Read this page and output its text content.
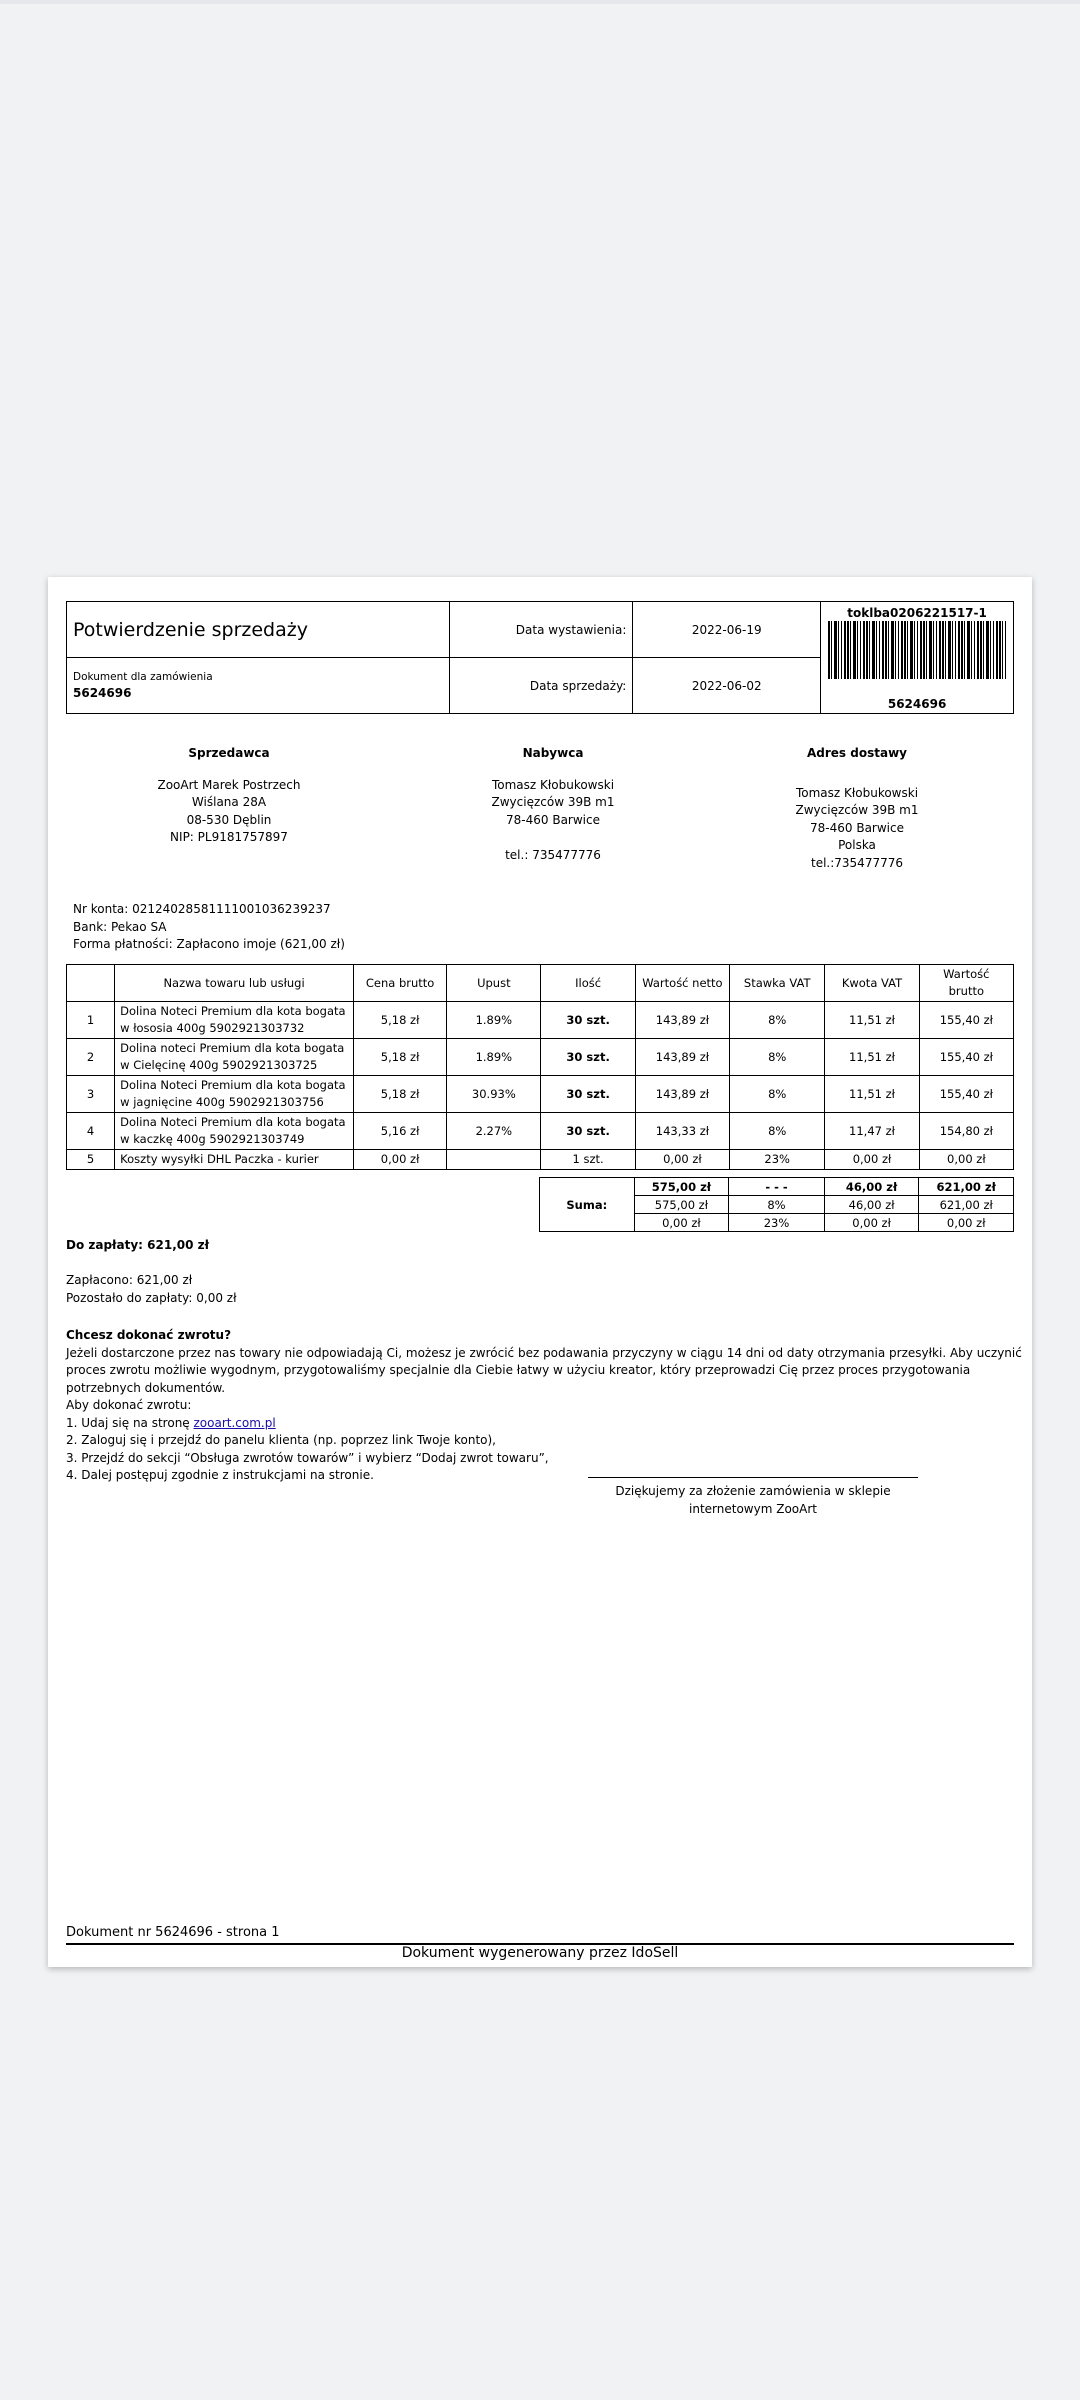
Potwierdzenie sprzedaży	Data wystawienia:	2022-06-19	toklba0206221517-1
5624696

Dokument dla zamówienia
5624696	Data sprzedaży:	2022-06-02	
Sprzedawca
ZooArt Marek Postrzech
Wiślana 28A
08-530 Dęblin
NIP: PL9181757897
Nabywca
Tomasz Kłobukowski
Zwycięzców 39B m1
78-460 Barwice
tel.: 735477776
Adres dostawy
Tomasz Kłobukowski
Zwycięzców 39B m1
78-460 Barwice
Polska
tel.:735477776
Nr konta: 02124028581111001036239237
Bank: Pekao SA
Forma płatności: Zapłacono imoje (621,00 zł)
	Nazwa towaru lub usługi	Cena brutto	Upust	Ilość	Wartość netto	Stawka VAT	Kwota VAT	Wartość brutto
1	Dolina Noteci Premium dla kota bogata w łososia 400g 5902921303732	5,18 zł	1.89%	30 szt.	143,89 zł	8%	11,51 zł	155,40 zł
2	Dolina noteci Premium dla kota bogata w Cielęcinę 400g 5902921303725	5,18 zł	1.89%	30 szt.	143,89 zł	8%	11,51 zł	155,40 zł
3	Dolina Noteci Premium dla kota bogata w jagnięcine 400g 5902921303756	5,18 zł	30.93%	30 szt.	143,89 zł	8%	11,51 zł	155,40 zł
4	Dolina Noteci Premium dla kota bogata w kaczkę 400g 5902921303749	5,16 zł	2.27%	30 szt.	143,33 zł	8%	11,47 zł	154,80 zł
5	Koszty wysyłki DHL Paczka - kurier	0,00 zł		1 szt.	0,00 zł	23%	0,00 zł	0,00 zł
Suma:	575,00 zł	- - -	46,00 zł	621,00 zł
	575,00 zł	8%	46,00 zł	621,00 zł
	0,00 zł	23%	0,00 zł	0,00 zł
Do zapłaty: 621,00 zł
Zapłacono: 621,00 zł
Pozostało do zapłaty: 0,00 zł
Chcesz dokonać zwrotu?
Jeżeli dostarczone przez nas towary nie odpowiadają Ci, możesz je zwrócić bez podawania przyczyny w ciągu 14 dni od daty otrzymania przesyłki. Aby uczynić proces zwrotu możliwie wygodnym, przygotowaliśmy specjalnie dla Ciebie łatwy w użyciu kreator, który przeprowadzi Cię przez proces przygotowania potrzebnych dokumentów.
Aby dokonać zwrotu:
1. Udaj się na stronę zooart.com.pl
2. Zaloguj się i przejdź do panelu klienta (np. poprzez link Twoje konto),
3. Przejdź do sekcji “Obsługa zwrotów towarów” i wybierz “Dodaj zwrot towaru”,
4. Dalej postępuj zgodnie z instrukcjami na stronie.
Dziękujemy za złożenie zamówienia w sklepie internetowym ZooArt
Dokument nr 5624696 - strona 1
Dokument wygenerowany przez IdoSell
